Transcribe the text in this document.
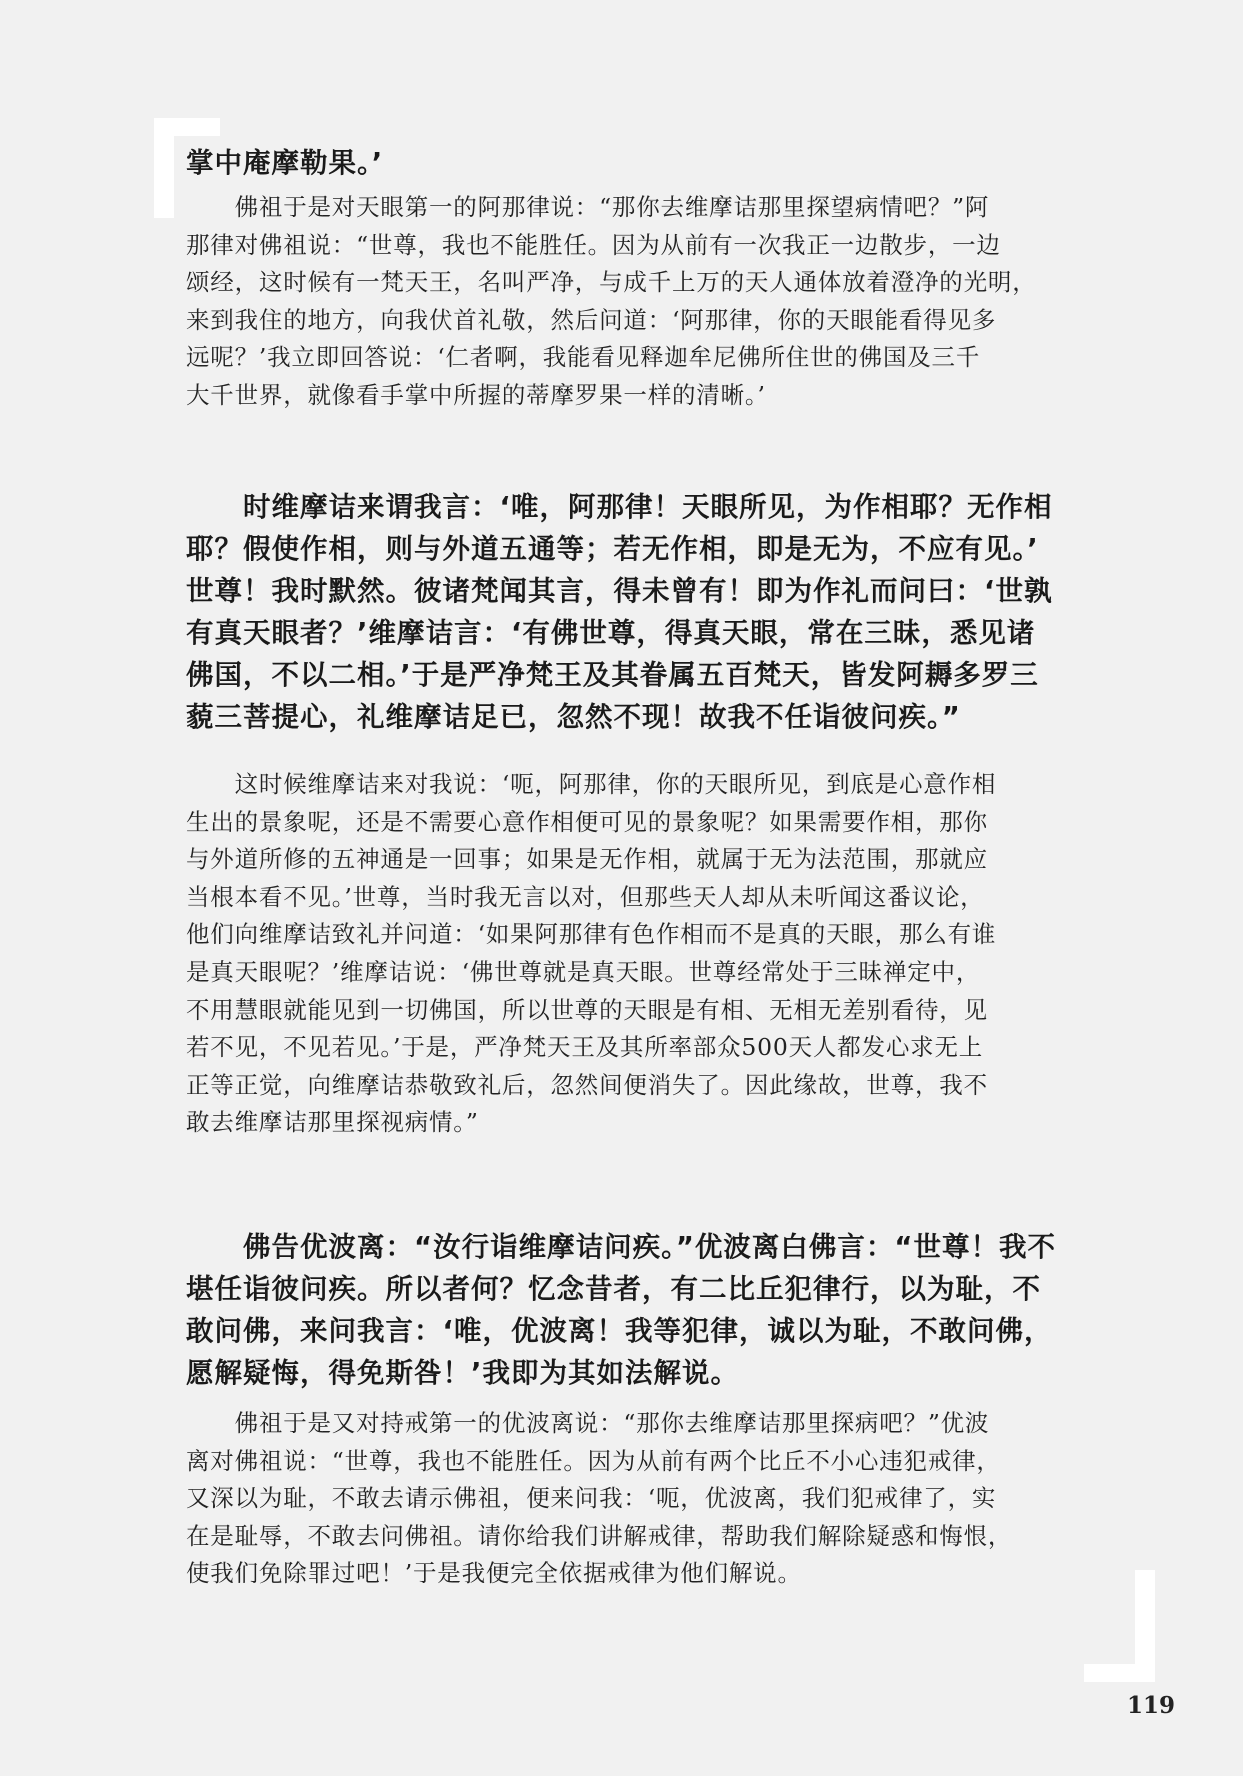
掌中庵摩勒果。’
　　佛祖于是对天眼第一的阿那律说：“那你去维摩诘那里探望病情吧？”阿
那律对佛祖说：“世尊，我也不能胜任。因为从前有一次我正一边散步，一边
颂经，这时候有一梵天王，名叫严净，与成千上万的天人通体放着澄净的光明，
来到我住的地方，向我伏首礼敬，然后问道：‘阿那律，你的天眼能看得见多
远呢？’我立即回答说：‘仁者啊，我能看见释迦牟尼佛所住世的佛国及三千
大千世界，就像看手掌中所握的蒂摩罗果一样的清晰。’
　　时维摩诘来谓我言：‘唯，阿那律！天眼所见，为作相耶？无作相
耶？假使作相，则与外道五通等；若无作相，即是无为，不应有见。’
世尊！我时默然。彼诸梵闻其言，得未曾有！即为作礼而问曰：‘世孰
有真天眼者？’维摩诘言：‘有佛世尊，得真天眼，常在三昧，悉见诸
佛国，不以二相。’于是严净梵王及其眷属五百梵天，皆发阿耨多罗三
藐三菩提心，礼维摩诘足已，忽然不现！故我不任诣彼问疾。”
　　这时候维摩诘来对我说：‘呃，阿那律，你的天眼所见，到底是心意作相
生出的景象呢，还是不需要心意作相便可见的景象呢？如果需要作相，那你
与外道所修的五神通是一回事；如果是无作相，就属于无为法范围，那就应
当根本看不见。’世尊，当时我无言以对，但那些天人却从未听闻这番议论，
他们向维摩诘致礼并问道：‘如果阿那律有色作相而不是真的天眼，那么有谁
是真天眼呢？’维摩诘说：‘佛世尊就是真天眼。世尊经常处于三昧禅定中，
不用慧眼就能见到一切佛国，所以世尊的天眼是有相、无相无差别看待，见
若不见，不见若见。’于是，严净梵天王及其所率部众500天人都发心求无上
正等正觉，向维摩诘恭敬致礼后，忽然间便消失了。因此缘故，世尊，我不
敢去维摩诘那里探视病情。”
　　佛告优波离：“汝行诣维摩诘问疾。”优波离白佛言：“世尊！我不
堪任诣彼问疾。所以者何？忆念昔者，有二比丘犯律行，以为耻，不
敢问佛，来问我言：‘唯，优波离！我等犯律，诚以为耻，不敢问佛，
愿解疑悔，得免斯咎！’我即为其如法解说。
　　佛祖于是又对持戒第一的优波离说：“那你去维摩诘那里探病吧？”优波
离对佛祖说：“世尊，我也不能胜任。因为从前有两个比丘不小心违犯戒律，
又深以为耻，不敢去请示佛祖，便来问我：‘呃，优波离，我们犯戒律了，实
在是耻辱，不敢去问佛祖。请你给我们讲解戒律，帮助我们解除疑惑和悔恨，
使我们免除罪过吧！’于是我便完全依据戒律为他们解说。
119
